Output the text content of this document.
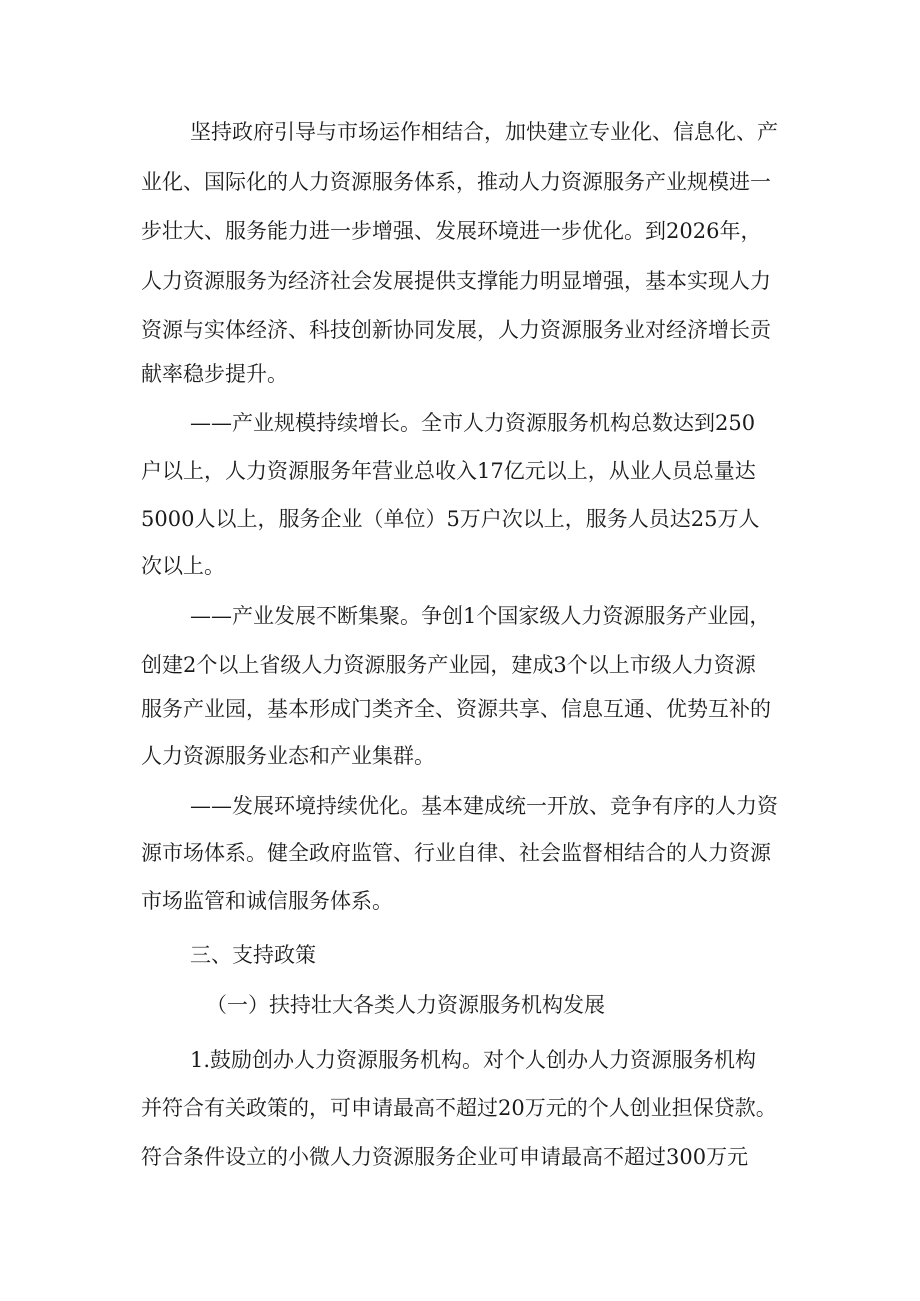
坚持政府引导与市场运作相结合，加快建立专业化、信息化、产
业化、国际化的人力资源服务体系，推动人力资源服务产业规模进一
步壮大、服务能力进一步增强、发展环境进一步优化。到2026年，
人力资源服务为经济社会发展提供支撑能力明显增强，基本实现人力
资源与实体经济、科技创新协同发展，人力资源服务业对经济增长贡
献率稳步提升。
——产业规模持续增长。全市人力资源服务机构总数达到250
户以上，人力资源服务年营业总收入17亿元以上，从业人员总量达
5000人以上，服务企业（单位）5万户次以上，服务人员达25万人
次以上。
——产业发展不断集聚。争创1个国家级人力资源服务产业园，
创建2个以上省级人力资源服务产业园，建成3个以上市级人力资源
服务产业园，基本形成门类齐全、资源共享、信息互通、优势互补的
人力资源服务业态和产业集群。
——发展环境持续优化。基本建成统一开放、竞争有序的人力资
源市场体系。健全政府监管、行业自律、社会监督相结合的人力资源
市场监管和诚信服务体系。
三、支持政策
（一）扶持壮大各类人力资源服务机构发展
1.鼓励创办人力资源服务机构。对个人创办人力资源服务机构
并符合有关政策的，可申请最高不超过20万元的个人创业担保贷款。
符合条件设立的小微人力资源服务企业可申请最高不超过300万元
